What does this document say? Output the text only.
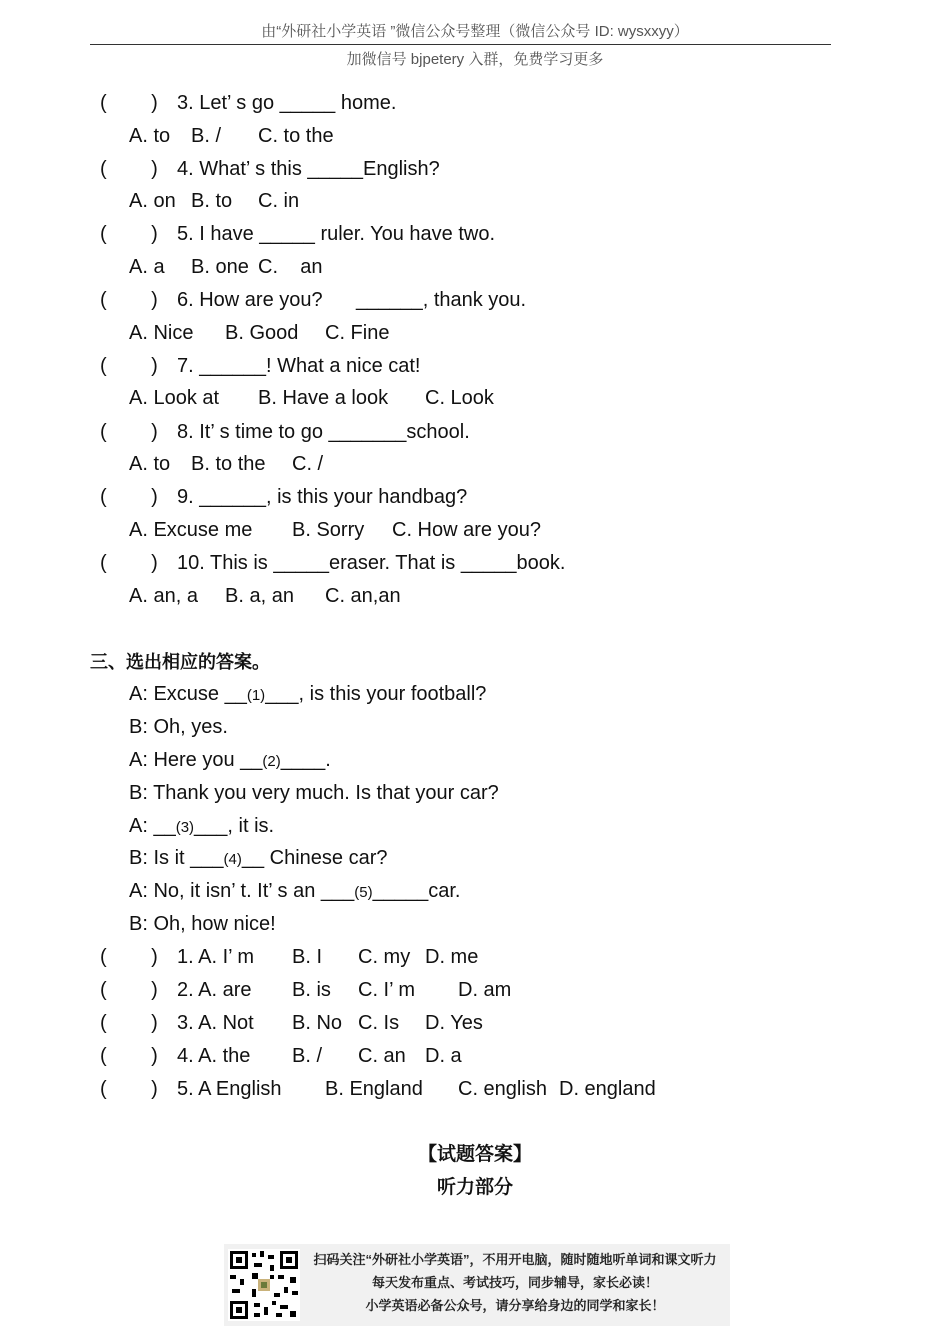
由“外研社小学英语 ”微信公众号整理（微信公众号 ID: wysxxyy）
加微信号 bjpetery 入群，免费学习更多
(        ) 3. Let’ s go _____ home.
A. to B. / C. to the
(        ) 4. What’ s this _____English?
A. on B. to C. in
(        ) 5. I have _____ ruler. You have two.
A. a B. one C.    an
(        ) 6. How are you?      ______, thank you.
A. Nice B. Good C. Fine
(        ) 7. ______! What a nice cat!
A. Look at B. Have a look C. Look
(        ) 8. It’ s time to go _______school.
A. to B. to the C. /
(        ) 9. ______, is this your handbag?
A. Excuse me B. Sorry C. How are you?
(        ) 10. This is _____eraser. That is _____book.
A. an, a B. a, an C. an,an
三、选出相应的答案。
A: Excuse __(1)___, is this your football?
B: Oh, yes.
A: Here you __(2)____.
B: Thank you very much. Is that your car?
A: __(3)___, it is.
B: Is it ___(4)__ Chinese car?
A: No, it isn’ t. It’ s an ___(5)_____car.
B: Oh, how nice!
(        ) 1. A. I’ m B. I C. my D. me
(        ) 2. A. are B. is C. I’ m D. am
(        ) 3. A. Not B. No C. Is D. Yes
(        ) 4. A. the B. / C. an D. a
(        ) 5. A English B. England C. english D. england
【试题答案】
听力部分
扫码关注“外研社小学英语”，不用开电脑，随时随地听单词和课文听力
每天发布重点、考试技巧，同步辅导，家长必读！
小学英语必备公众号，请分享给身边的同学和家长！
